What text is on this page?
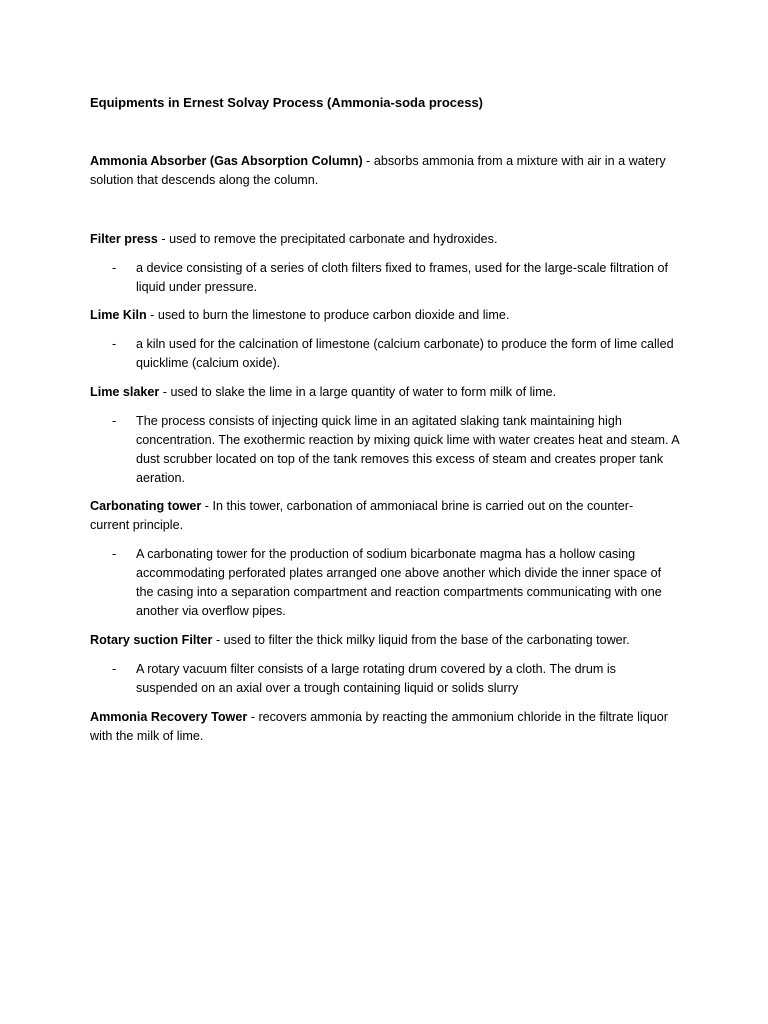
Equipments in Ernest Solvay Process (Ammonia-soda process)
Ammonia Absorber (Gas Absorption Column) - absorbs ammonia from a mixture with air in a watery solution that descends along the column.
Filter press - used to remove the precipitated carbonate and hydroxides.
- a device consisting of a series of cloth filters fixed to frames, used for the large-scale filtration of liquid under pressure.
Lime Kiln - used to burn the limestone to produce carbon dioxide and lime.
- a kiln used for the calcination of limestone (calcium carbonate) to produce the form of lime called quicklime (calcium oxide).
Lime slaker - used to slake the lime in a large quantity of water to form milk of lime.
- The process consists of injecting quick lime in an agitated slaking tank maintaining high concentration. The exothermic reaction by mixing quick lime with water creates heat and steam. A dust scrubber located on top of the tank removes this excess of steam and creates proper tank aeration.
Carbonating tower - In this tower, carbonation of ammoniacal brine is carried out on the counter-current principle.
- A carbonating tower for the production of sodium bicarbonate magma has a hollow casing accommodating perforated plates arranged one above another which divide the inner space of the casing into a separation compartment and reaction compartments communicating with one another via overflow pipes.
Rotary suction Filter - used to filter the thick milky liquid from the base of the carbonating tower.
- A rotary vacuum filter consists of a large rotating drum covered by a cloth. The drum is suspended on an axial over a trough containing liquid or solids slurry
Ammonia Recovery Tower - recovers ammonia by reacting the ammonium chloride in the filtrate liquor with the milk of lime.
